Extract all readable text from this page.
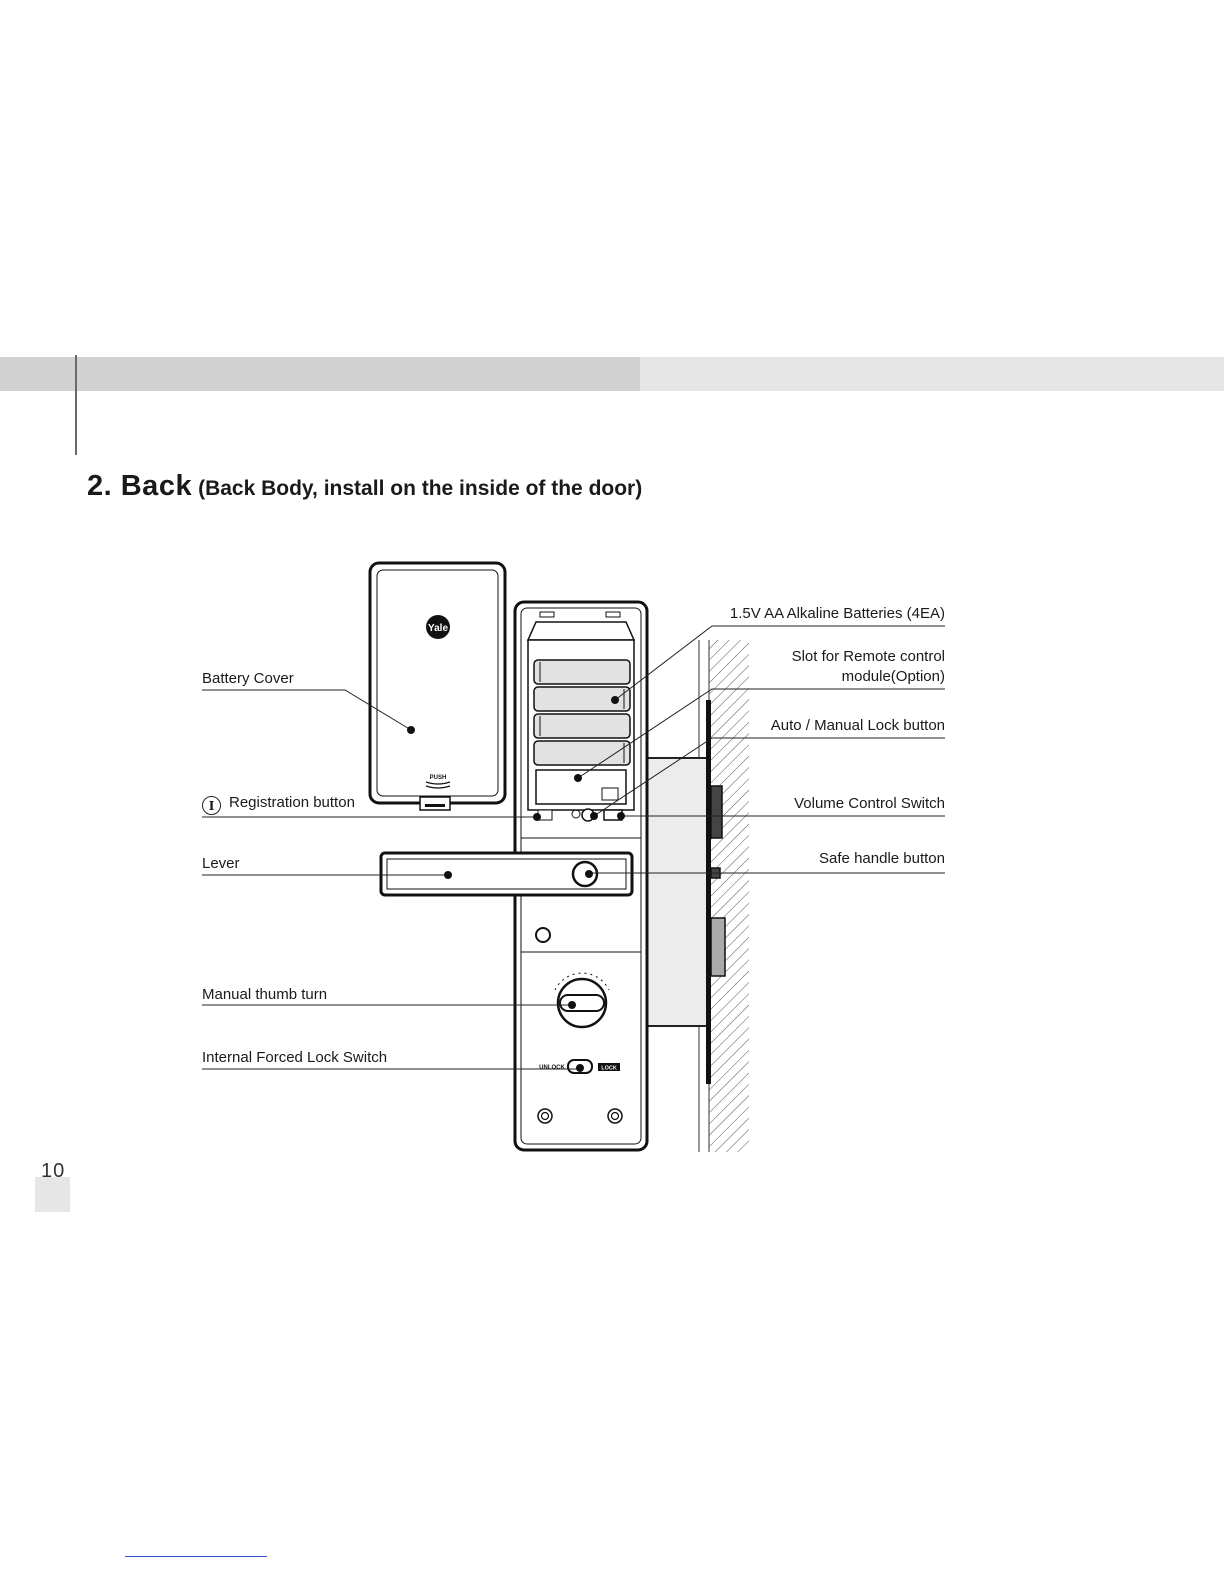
2. Back (Back Body, install on the inside of the door)
Yale
PUSH
UNLOCK	LOCK
Battery Cover
I Registration button
Lever
Manual thumb turn
Internal Forced Lock Switch
1.5V AA Alkaline Batteries (4EA)
Slot for Remote control
module(Option)
Auto / Manual Lock button
Volume Control Switch
Safe handle button
10
